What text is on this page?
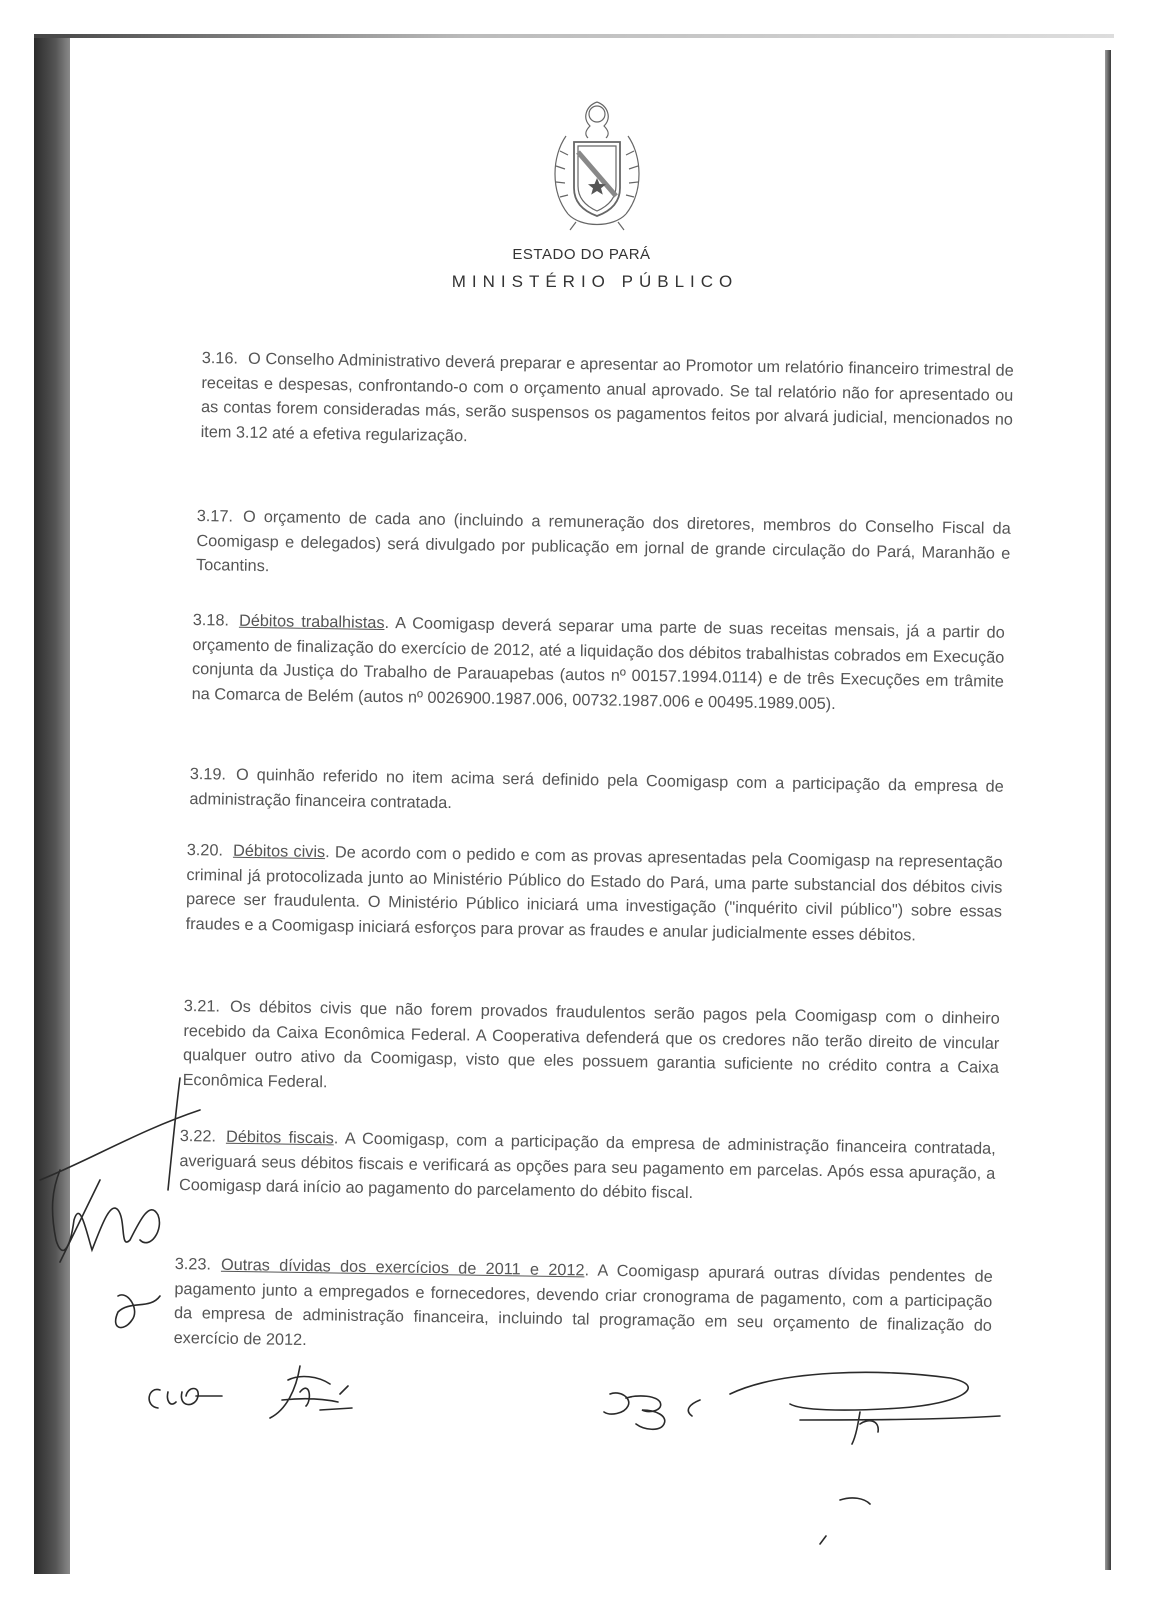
ESTADO DO PARÁ
MINISTÉRIO PÚBLICO
3.16. O Conselho Administrativo deverá preparar e apresentar ao Promotor um relatório financeiro trimestral de receitas e despesas, confrontando-o com o orçamento anual aprovado. Se tal relatório não for apresentado ou as contas forem consideradas más, serão suspensos os pagamentos feitos por alvará judicial, mencionados no item 3.12 até a efetiva regularização.
3.17. O orçamento de cada ano (incluindo a remuneração dos diretores, membros do Conselho Fiscal da Coomigasp e delegados) será divulgado por publicação em jornal de grande circulação do Pará, Maranhão e Tocantins.
3.18. Débitos trabalhistas. A Coomigasp deverá separar uma parte de suas receitas mensais, já a partir do orçamento de finalização do exercício de 2012, até a liquidação dos débitos trabalhistas cobrados em Execução conjunta da Justiça do Trabalho de Parauapebas (autos nº 00157.1994.0114) e de três Execuções em trâmite na Comarca de Belém (autos nº 0026900.1987.006, 00732.1987.006 e 00495.1989.005).
3.19. O quinhão referido no item acima será definido pela Coomigasp com a participação da empresa de administração financeira contratada.
3.20. Débitos civis. De acordo com o pedido e com as provas apresentadas pela Coomigasp na representação criminal já protocolizada junto ao Ministério Público do Estado do Pará, uma parte substancial dos débitos civis parece ser fraudulenta. O Ministério Público iniciará uma investigação ("inquérito civil público") sobre essas fraudes e a Coomigasp iniciará esforços para provar as fraudes e anular judicialmente esses débitos.
3.21. Os débitos civis que não forem provados fraudulentos serão pagos pela Coomigasp com o dinheiro recebido da Caixa Econômica Federal. A Cooperativa defenderá que os credores não terão direito de vincular qualquer outro ativo da Coomigasp, visto que eles possuem garantia suficiente no crédito contra a Caixa Econômica Federal.
3.22. Débitos fiscais. A Coomigasp, com a participação da empresa de administração financeira contratada, averiguará seus débitos fiscais e verificará as opções para seu pagamento em parcelas. Após essa apuração, a Coomigasp dará início ao pagamento do parcelamento do débito fiscal.
3.23. Outras dívidas dos exercícios de 2011 e 2012. A Coomigasp apurará outras dívidas pendentes de pagamento junto a empregados e fornecedores, devendo criar cronograma de pagamento, com a participação da empresa de administração financeira, incluindo tal programação em seu orçamento de finalização do exercício de 2012.
